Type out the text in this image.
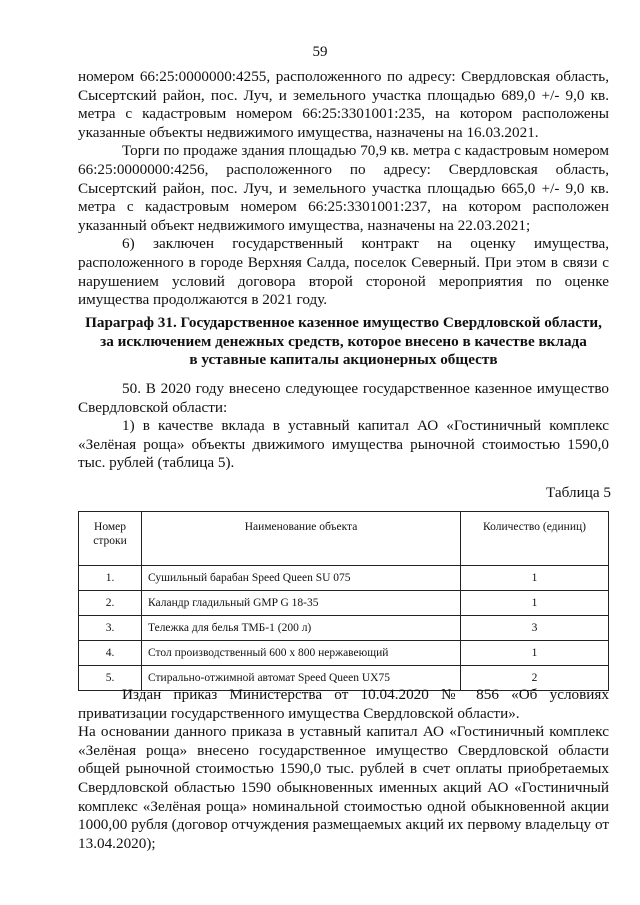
59

номером 66:25:0000000:4255, расположенного по адресу: Свердловская область, Сысертский район, пос. Луч, и земельного участка площадью 689,0 +/- 9,0 кв. метра с кадастровым номером 66:25:3301001:235, на котором расположены указанные объекты недвижимого имущества, назначены на 16.03.2021.

Торги по продаже здания площадью 70,9 кв. метра с кадастровым номером 66:25:0000000:4256, расположенного по адресу: Свердловская область, Сысертский район, пос. Луч, и земельного участка площадью 665,0 +/- 9,0 кв. метра с кадастровым номером 66:25:3301001:237, на котором расположен указанный объект недвижимого имущества, назначены на 22.03.2021;

6) заключен государственный контракт на оценку имущества, расположенного в городе Верхняя Салда, поселок Северный. При этом в связи с нарушением условий договора второй стороной мероприятия по оценке имущества продолжаются в 2021 году.

Параграф 31. Государственное казенное имущество Свердловской области,
за исключением денежных средств, которое внесено в качестве вклада
в уставные капиталы акционерных обществ

50. В 2020 году внесено следующее государственное казенное имущество Свердловской области:

1) в качестве вклада в уставный капитал АО «Гостиничный комплекс «Зелёная роща» объекты движимого имущества рыночной стоимостью 1590,0 тыс. рублей (таблица 5).

Таблица 5
Номер строки	Наименование объекта	Количество (единиц)
1.	Сушильный барабан Speed Queen SU 075	1
2.	Каландр гладильный GMP G 18-35	1
3.	Тележка для белья ТМБ-1 (200 л)	3
4.	Стол производственный 600 х 800 нержавеющий	1
5.	Стирально-отжимной автомат Speed Queen UX75	2

Издан приказ Министерства от 10.04.2020 № 856 «Об условиях приватизации государственного имущества Свердловской области».

На основании данного приказа в уставный капитал АО «Гостиничный комплекс «Зелёная роща» внесено государственное имущество Свердловской области общей рыночной стоимостью 1590,0 тыс. рублей в счет оплаты приобретаемых Свердловской областью 1590 обыкновенных именных акций АО «Гостиничный комплекс «Зелёная роща» номинальной стоимостью одной обыкновенной акции 1000,00 рубля (договор отчуждения размещаемых акций их первому владельцу от 13.04.2020);
